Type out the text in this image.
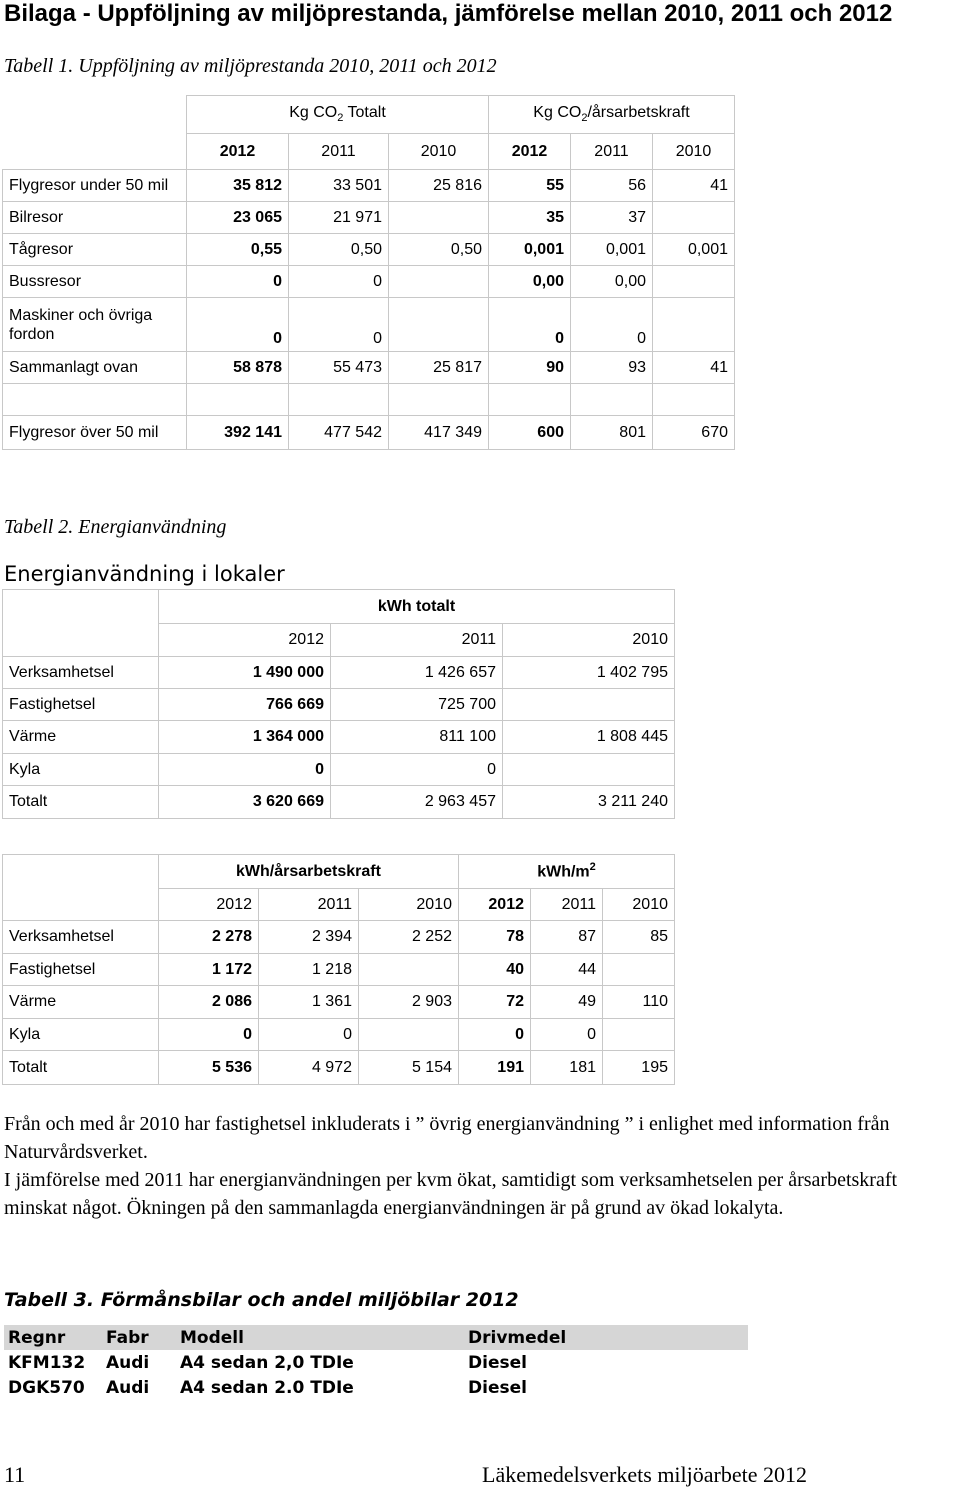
Bilaga - Uppföljning av miljöprestanda, jämförelse mellan 2010, 2011 och 2012
Tabell 1. Uppföljning av miljöprestanda 2010, 2011 och 2012
	Kg $CO_2$ Totalt			Kg $CO_2$/årsarbetskraft		
	2012	2011	2010	2012	2011	2010
Flygresor under 50 mil	35 812	33 501	25 816	55	56	41
Bilresor	23 065	21 971		35	37	
Tågresor	0,55	0,50	0,50	0,001	0,001	0,001
Bussresor	0	0		0,00	0,00	
Maskiner och övriga fordon	0	0		0	0	
Sammanlagt ovan	58 878	55 473	25 817	90	93	41

Flygresor över 50 mil	392 141	477 542	417 349	600	801	670
Tabell 2. Energianvändning
Energianvändning i lokaler
	kWh totalt		
	2012	2011	2010
Verksamhetsel	1 490 000	1 426 657	1 402 795
Fastighetsel	766 669	725 700	
Värme	1 364 000	811 100	1 808 445
Kyla	0	0	
Totalt	3 620 669	2 963 457	3 211 240
	kWh/årsarbetskraft			kWh/$m^2$
	2012	2011	2010	2012	2011	2010
Verksamhetsel	2 278	2 394	2 252	78	87	85
Fastighetsel	1 172	1 218		40	44	
Värme	2 086	1 361	2 903	72	49	110
Kyla	0	0		0	0	
Totalt	5 536	4 972	5 154	191	181	195
Från och med år 2010 har fastighetsel inkluderats i ” övrig energianvändning ” i enlighet med information från Naturvårdsverket.
I jämförelse med 2011 har energianvändningen per kvm ökat, samtidigt som verksamhetselen per årsarbetskraft minskat något. Ökningen på den sammanlagda energianvändningen är på grund av ökad lokalyta.
Tabell 3. Förmånsbilar och andel miljöbilar 2012
Regnr	Fabr	Modell	Drivmedel
KFM132	Audi	A4 sedan 2,0 TDIe	Diesel
DGK570	Audi	A4 sedan 2.0 TDIe	Diesel
11	Läkemedelsverkets miljöarbete 2012
